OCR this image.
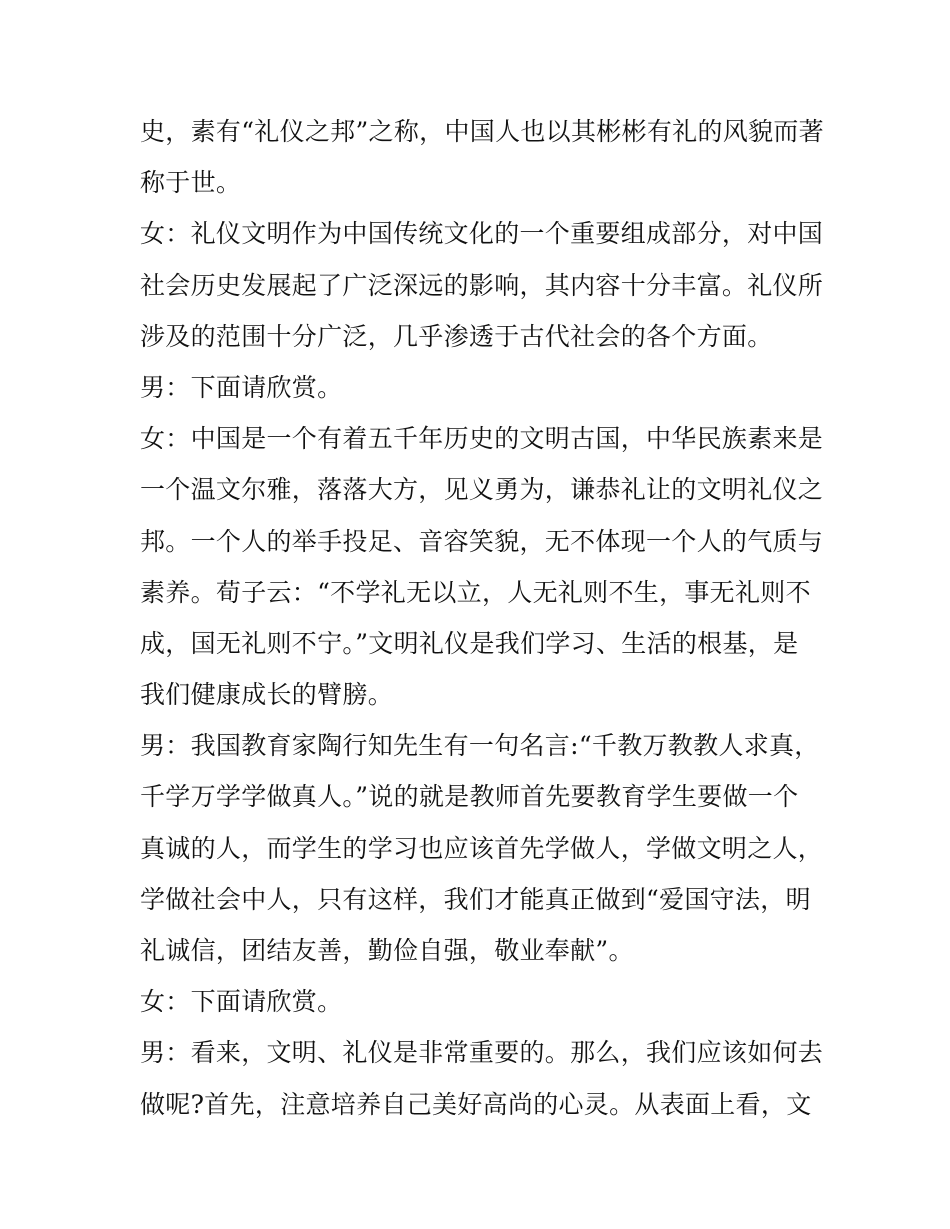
史，素有“礼仪之邦”之称，中国人也以其彬彬有礼的风貌而著
称于世。
女：礼仪文明作为中国传统文化的一个重要组成部分，对中国
社会历史发展起了广泛深远的影响，其内容十分丰富。礼仪所
涉及的范围十分广泛，几乎渗透于古代社会的各个方面。
男：下面请欣赏。
女：中国是一个有着五千年历史的文明古国，中华民族素来是
一个温文尔雅，落落大方，见义勇为，谦恭礼让的文明礼仪之
邦。一个人的举手投足、音容笑貌，无不体现一个人的气质与
素养。荀子云：“不学礼无以立，人无礼则不生，事无礼则不
成，国无礼则不宁。”文明礼仪是我们学习、生活的根基，是
我们健康成长的臂膀。
男：我国教育家陶行知先生有一句名言:“千教万教教人求真，
千学万学学做真人。”说的就是教师首先要教育学生要做一个
真诚的人，而学生的学习也应该首先学做人，学做文明之人，
学做社会中人，只有这样，我们才能真正做到“爱国守法，明
礼诚信，团结友善，勤俭自强，敬业奉献”。
女：下面请欣赏。
男：看来，文明、礼仪是非常重要的。那么，我们应该如何去
做呢?首先，注意培养自己美好高尚的心灵。从表面上看，文
